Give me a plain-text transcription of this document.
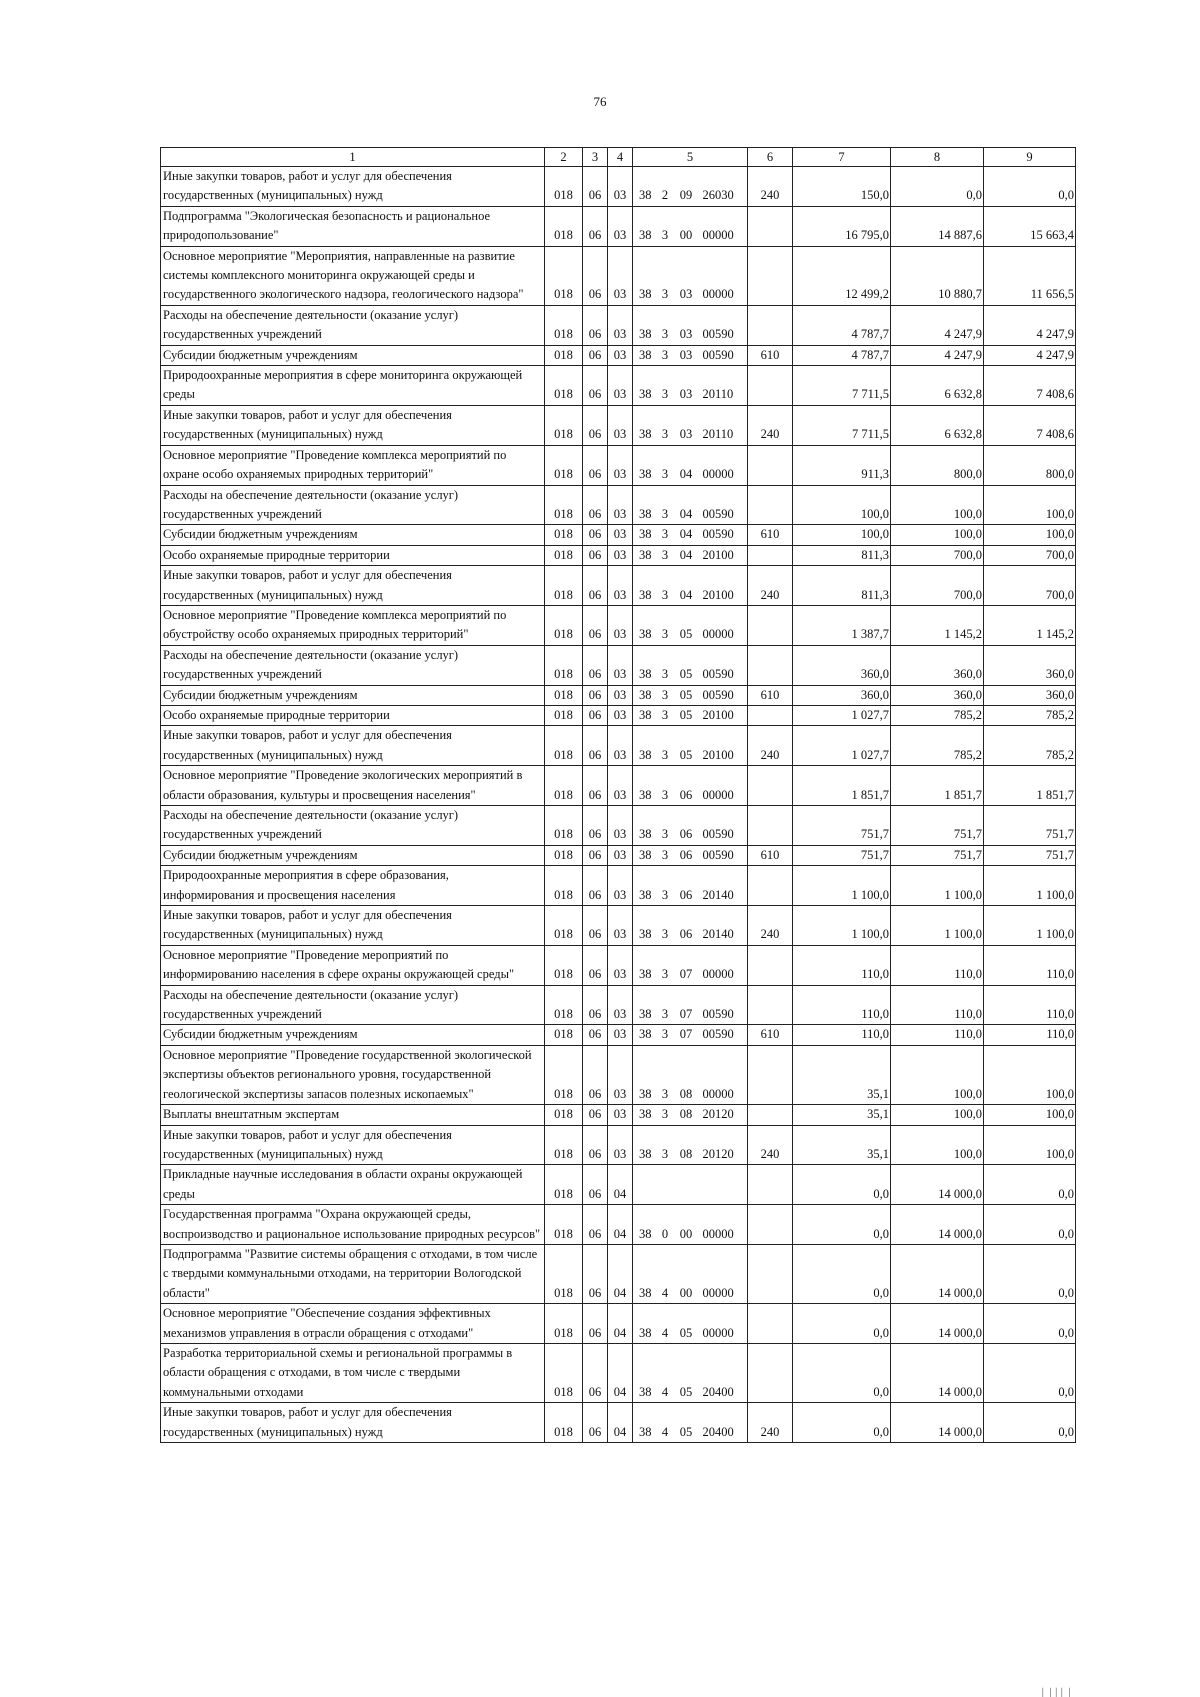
76
1	2	3	4	5				6	7	8	9
Иные закупки товаров, работ и услуг для обеспечения государственных (муниципальных) нужд	018	06	03	38	2	09	26030	240	150,0	0,0	0,0
Подпрограмма "Экологическая безопасность и рациональное природопользование"	018	06	03	38	3	00	00000		16 795,0	14 887,6	15 663,4
Основное мероприятие "Мероприятия, направленные на развитие системы комплексного мониторинга окружающей среды и государственного экологического надзора, геологического надзора"	018	06	03	38	3	03	00000		12 499,2	10 880,7	11 656,5
Расходы на обеспечение деятельности (оказание услуг) государственных учреждений	018	06	03	38	3	03	00590		4 787,7	4 247,9	4 247,9
Субсидии бюджетным учреждениям	018	06	03	38	3	03	00590	610	4 787,7	4 247,9	4 247,9
Природоохранные мероприятия в сфере мониторинга окружающей среды	018	06	03	38	3	03	20110		7 711,5	6 632,8	7 408,6
Иные закупки товаров, работ и услуг для обеспечения государственных (муниципальных) нужд	018	06	03	38	3	03	20110	240	7 711,5	6 632,8	7 408,6
Основное мероприятие "Проведение комплекса мероприятий по охране особо охраняемых природных территорий"	018	06	03	38	3	04	00000		911,3	800,0	800,0
Расходы на обеспечение деятельности (оказание услуг) государственных учреждений	018	06	03	38	3	04	00590		100,0	100,0	100,0
Субсидии бюджетным учреждениям	018	06	03	38	3	04	00590	610	100,0	100,0	100,0
Особо охраняемые природные территории	018	06	03	38	3	04	20100		811,3	700,0	700,0
Иные закупки товаров, работ и услуг для обеспечения государственных (муниципальных) нужд	018	06	03	38	3	04	20100	240	811,3	700,0	700,0
Основное мероприятие "Проведение комплекса мероприятий по обустройству особо охраняемых природных территорий"	018	06	03	38	3	05	00000		1 387,7	1 145,2	1 145,2
Расходы на обеспечение деятельности (оказание услуг) государственных учреждений	018	06	03	38	3	05	00590		360,0	360,0	360,0
Субсидии бюджетным учреждениям	018	06	03	38	3	05	00590	610	360,0	360,0	360,0
Особо охраняемые природные территории	018	06	03	38	3	05	20100		1 027,7	785,2	785,2
Иные закупки товаров, работ и услуг для обеспечения государственных (муниципальных) нужд	018	06	03	38	3	05	20100	240	1 027,7	785,2	785,2
Основное мероприятие "Проведение экологических мероприятий в области образования, культуры и просвещения населения"	018	06	03	38	3	06	00000		1 851,7	1 851,7	1 851,7
Расходы на обеспечение деятельности (оказание услуг) государственных учреждений	018	06	03	38	3	06	00590		751,7	751,7	751,7
Субсидии бюджетным учреждениям	018	06	03	38	3	06	00590	610	751,7	751,7	751,7
Природоохранные мероприятия в сфере образования, информирования и просвещения населения	018	06	03	38	3	06	20140		1 100,0	1 100,0	1 100,0
Иные закупки товаров, работ и услуг для обеспечения государственных (муниципальных) нужд	018	06	03	38	3	06	20140	240	1 100,0	1 100,0	1 100,0
Основное мероприятие "Проведение мероприятий по информированию населения в сфере охраны окружающей среды"	018	06	03	38	3	07	00000		110,0	110,0	110,0
Расходы на обеспечение деятельности (оказание услуг) государственных учреждений	018	06	03	38	3	07	00590		110,0	110,0	110,0
Субсидии бюджетным учреждениям	018	06	03	38	3	07	00590	610	110,0	110,0	110,0
Основное мероприятие "Проведение государственной экологической экспертизы объектов регионального уровня, государственной геологической экспертизы запасов полезных ископаемых"	018	06	03	38	3	08	00000		35,1	100,0	100,0
Выплаты внештатным экспертам	018	06	03	38	3	08	20120		35,1	100,0	100,0
Иные закупки товаров, работ и услуг для обеспечения государственных (муниципальных) нужд	018	06	03	38	3	08	20120	240	35,1	100,0	100,0
Прикладные научные исследования в области охраны окружающей среды	018	06	04						0,0	14 000,0	0,0
Государственная программа "Охрана окружающей среды, воспроизводство и рациональное использование природных ресурсов"	018	06	04	38	0	00	00000		0,0	14 000,0	0,0
Подпрограмма "Развитие системы обращения с отходами, в том числе с твердыми коммунальными отходами, на территории Вологодской области"	018	06	04	38	4	00	00000		0,0	14 000,0	0,0
Основное мероприятие "Обеспечение создания эффективных механизмов управления в отрасли обращения с отходами"	018	06	04	38	4	05	00000		0,0	14 000,0	0,0
Разработка территориальной схемы и региональной программы в области обращения с отходами, в том числе с твердыми коммунальными отходами	018	06	04	38	4	05	20400		0,0	14 000,0	0,0
Иные закупки товаров, работ и услуг для обеспечения государственных (муниципальных) нужд	018	06	04	38	4	05	20400	240	0,0	14 000,0	0,0
│ │││ │
